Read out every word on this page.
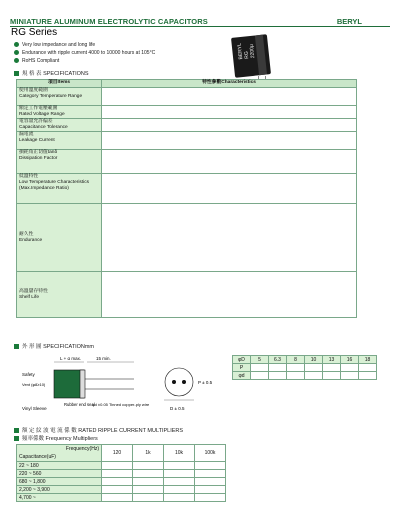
MINIATURE ALUMINUM ELECTROLYTIC CAPACITORS	BERYL
RG Series
Very low impedance and long life
Endurance with ripple current 4000 to 10000 hours at 105°C
RoHS Compliant
BERYL
RG
2200μ
規 格 表 SPECIFICATIONS
項目Items	特性參數Characteristics
使用溫度範圍
Category Temperature Range	
額定工作電壓範圍
Rated Voltage Range	
電容量允許偏差
Capacitance Tolerance	
漏電流
Leakage Current	
損耗角正切值tanδ
Dissipation Factor	
低溫特性
Low Temperature Characteristics (Max.Impedance Ratio)	
耐久性
Endurance	
高溫儲存特性
Shelf Life	
外 形 圖 SPECIFICATIONmm
L + α max.	15 min.
Safety
Vent (φ8≥10)
Vinyl Sleeve
Rubber end seal
φd ±0.05 Tinned copper-ply wire
D ± 0.5
P ± 0.5
φD	5	6.3	8	10	13	16	18
P							
φd							
額 定 紋 波 電 流 係 數 RATED RIPPLE CURRENT MULTIPLIERS
頻率係數 Frequency Multipliers
Frequency(Hz)
Capacitance(uF)	120	1k	10k	100k
22 ~ 180				
220 ~ 560				
680 ~ 1,800				
2,200 ~ 3,900				
4,700 ~				
